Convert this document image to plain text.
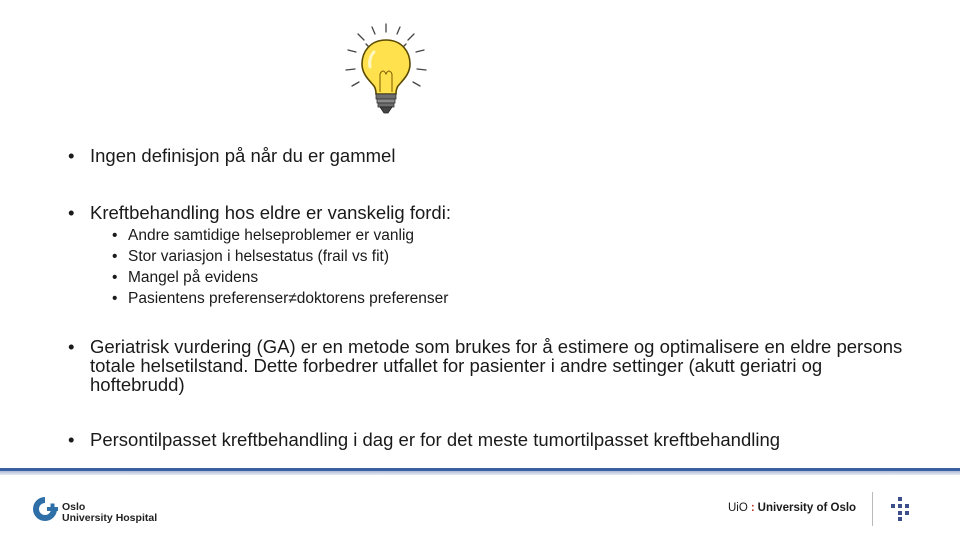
• Ingen definisjon på når du er gammel
• Kreftbehandling hos eldre er vanskelig fordi:
• Andre samtidige helseproblemer er vanlig
• Stor variasjon i helsestatus (frail vs fit)
• Mangel på evidens
• Pasientens preferenser≠doktorens preferenser
• Geriatrisk vurdering (GA) er en metode som brukes for å estimere og optimalisere en eldre persons totale helsetilstand. Dette forbedrer utfallet for pasienter i andre settinger (akutt geriatri og hoftebrudd)
• Persontilpasset kreftbehandling i dag er for det meste tumortilpasset kreftbehandling
Oslo
University Hospital
UiO : University of Oslo
